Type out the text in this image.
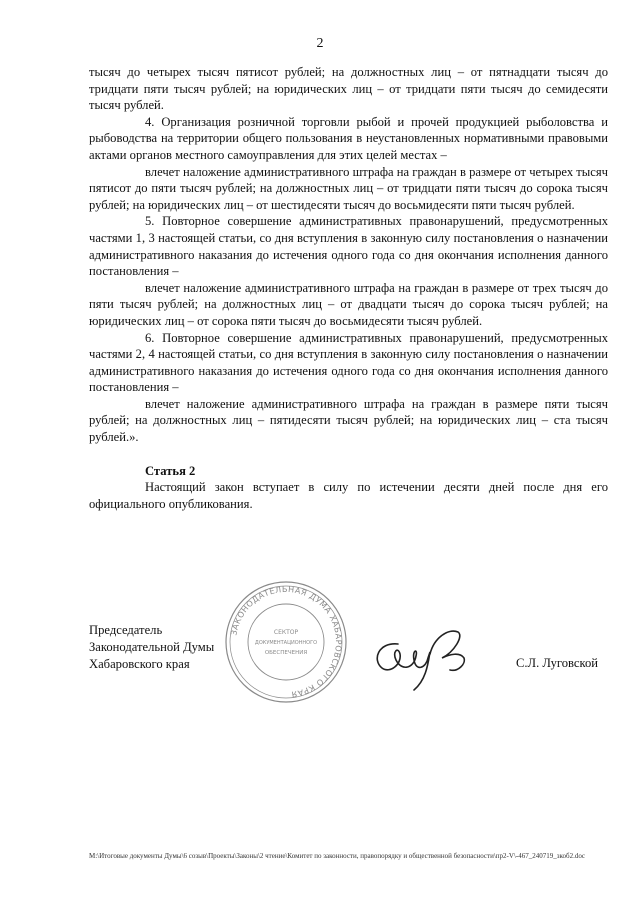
2

тысяч до четырех тысяч пятисот рублей; на должностных лиц – от пятнадцати тысяч до тридцати пяти тысяч рублей; на юридических лиц – от тридцати пяти тысяч до семидесяти тысяч рублей.

4. Организация розничной торговли рыбой и прочей продукцией рыболовства и рыбоводства на территории общего пользования в неустановленных нормативными правовыми актами органов местного самоуправления для этих целей местах –

влечет наложение административного штрафа на граждан в размере от четырех тысяч пятисот до пяти тысяч рублей; на должностных лиц – от тридцати пяти тысяч до сорока тысяч рублей; на юридических лиц – от шестидесяти тысяч до восьмидесяти пяти тысяч рублей.

5. Повторное совершение административных правонарушений, предусмотренных частями 1, 3 настоящей статьи, со дня вступления в законную силу постановления о назначении административного наказания до истечения одного года со дня окончания исполнения данного постановления –

влечет наложение административного штрафа на граждан в размере от трех тысяч до пяти тысяч рублей; на должностных лиц – от двадцати тысяч до сорока тысяч рублей; на юридических лиц – от сорока пяти тысяч до восьмидесяти тысяч рублей.

6. Повторное совершение административных правонарушений, предусмотренных частями 2, 4 настоящей статьи, со дня вступления в законную силу постановления о назначении административного наказания до истечения одного года со дня окончания исполнения данного постановления –

влечет наложение административного штрафа на граждан в размере пяти тысяч рублей; на должностных лиц – пятидесяти тысяч рублей; на юридических лиц – ста тысяч рублей.».

Статья 2

Настоящий закон вступает в силу по истечении десяти дней после дня его официального опубликования.

Председатель
Законодательной Думы
Хабаровского края
ЗАКОНОДАТЕЛЬНАЯ ДУМА ХАБАРОВСКОГО КРАЯ
СЕКТОР
ДОКУМЕНТАЦИОННОГО
ОБЕСПЕЧЕНИЯ
С.Л. Луговской
M:\Итоговые документы Думы\6 созыв\Проекты\Законы\2 чтение\Комитет по законности, правопорядку и общественной безопасности\пр2-V\-467_240719_зкоб2.doc
